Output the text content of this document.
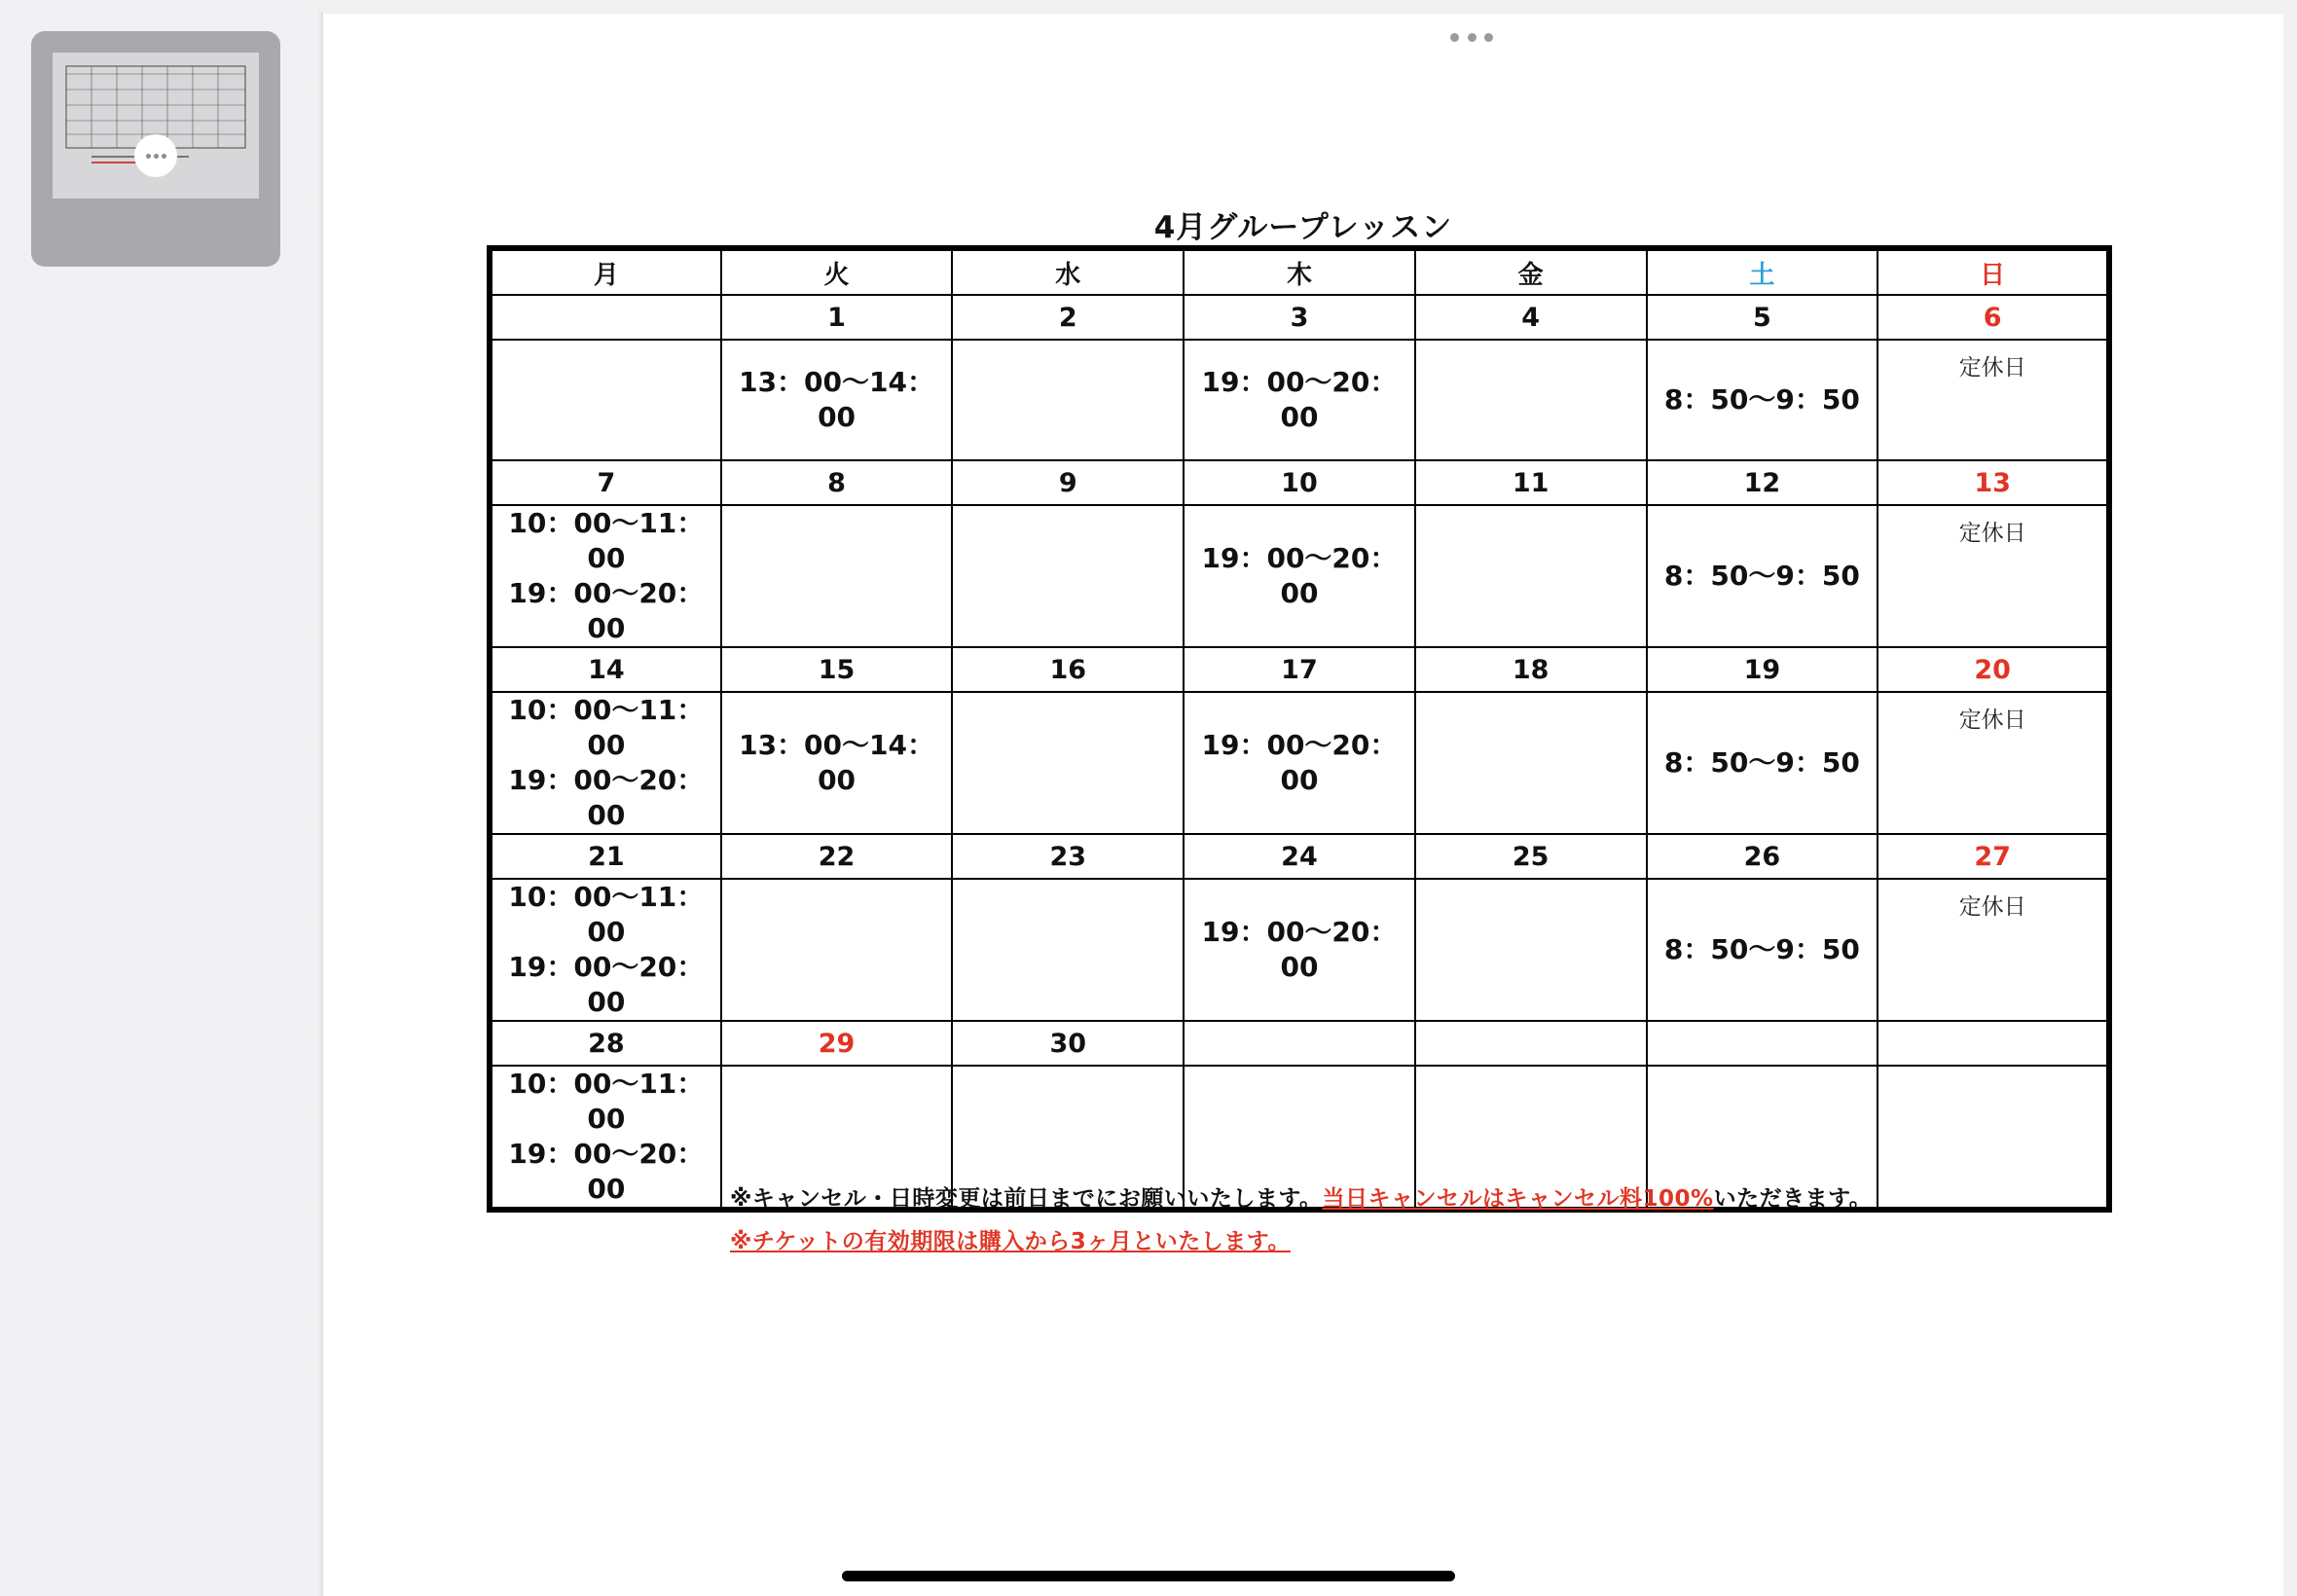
4月グループレッスン
月	火	水	木	金	土	日
	1	2	3	4	5	6

	13：00〜14：00		19：00〜20：00		8：50〜9：50	定休日

7	8	9	10	11	12	13

10：00〜11：00
19：00〜20：00			19：00〜20：00		8：50〜9：50	定休日

14	15	16	17	18	19	20

10：00〜11：00
19：00〜20：00	13：00〜14：00		19：00〜20：00		8：50〜9：50	定休日

21	22	23	24	25	26	27

10：00〜11：00
19：00〜20：00			19：00〜20：00		8：50〜9：50	定休日

28	29	30				

10：00〜11：00
19：00〜20：00						
							※キャンセル・日時変更は前日までにお願いいたします。当日キャンセルはキャンセル料100%いただきます。
※チケットの有効期限は購入から3ヶ月といたします。
